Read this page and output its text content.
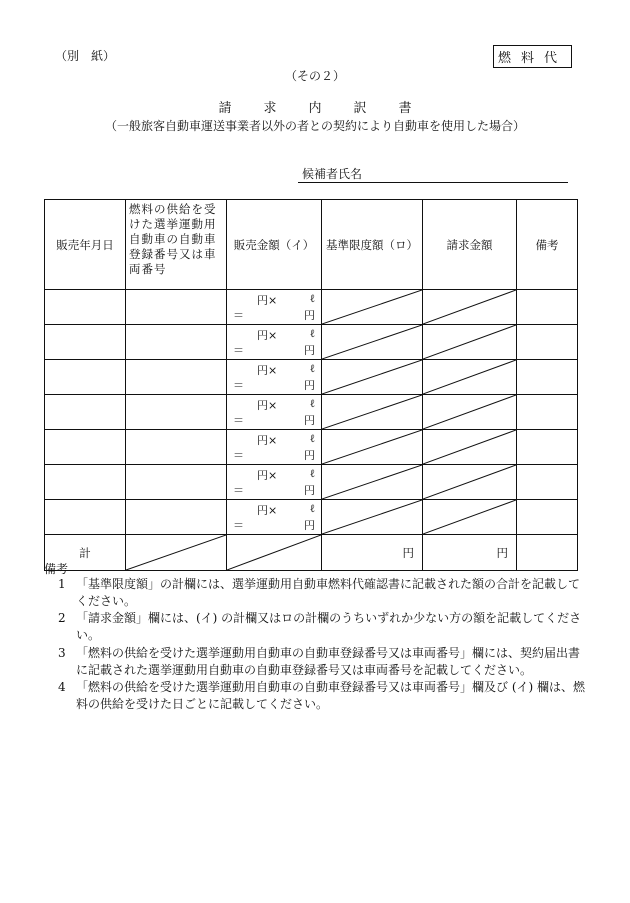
（別　紙）	燃料代
（その２）
請求内訳書
（一般旅客自動車運送事業者以外の者との契約により自動車を使用した場合）
候補者氏名
販売年月日	燃料の供給を受けた選挙運動用自動車の自動車登録番号又は車両番号	販売金額（イ）	基準限度額（ロ）	請求金額	備考

		円× ℓ
＝ 円

		円× ℓ
＝ 円

		円× ℓ
＝ 円

		円× ℓ
＝ 円

		円× ℓ
＝ 円

		円× ℓ
＝ 円

		円× ℓ
＝ 円

計			円	円	
備考
1 「基準限度額」の計欄には、選挙運動用自動車燃料代確認書に記載された額の合計を記載してください。
2 「請求金額」欄には、(イ) の計欄又はロの計欄のうちいずれか少ない方の額を記載してください。
3 「燃料の供給を受けた選挙運動用自動車の自動車登録番号又は車両番号」欄には、契約届出書に記載された選挙運動用自動車の自動車登録番号又は車両番号を記載してください。
4 「燃料の供給を受けた選挙運動用自動車の自動車登録番号又は車両番号」欄及び (イ) 欄は、燃料の供給を受けた日ごとに記載してください。
